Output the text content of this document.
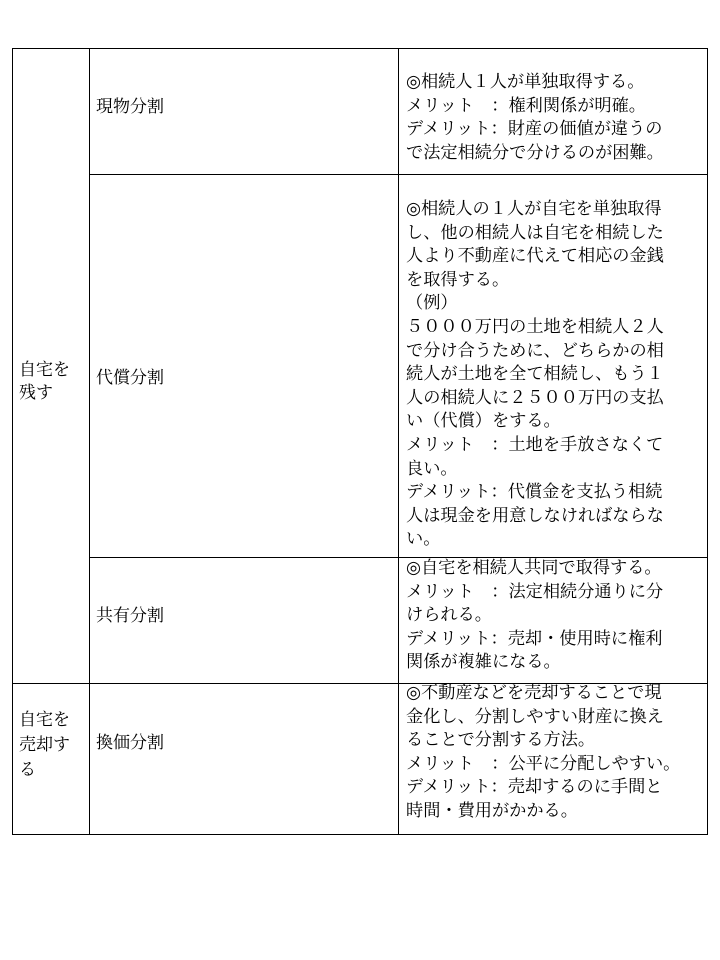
自宅を
残す
現物分割
◎相続人１人が単独取得する。
メリット　：権利関係が明確。
デメリット：財産の価値が違うの
で法定相続分で分けるのが困難。
代償分割
◎相続人の１人が自宅を単独取得
し、他の相続人は自宅を相続した
人より不動産に代えて相応の金銭
を取得する。
（例）
５０００万円の土地を相続人２人
で分け合うために、どちらかの相
続人が土地を全て相続し、もう１
人の相続人に２５００万円の支払
い（代償）をする。
メリット　：土地を手放さなくて
良い。
デメリット：代償金を支払う相続
人は現金を用意しなければならな
い。
共有分割
◎自宅を相続人共同で取得する。
メリット　：法定相続分通りに分
けられる。
デメリット：売却・使用時に権利
関係が複雑になる。
自宅を
売却す
る
換価分割
◎不動産などを売却することで現
金化し、分割しやすい財産に換え
ることで分割する方法。
メリット　：公平に分配しやすい。
デメリット：売却するのに手間と
時間・費用がかかる。
